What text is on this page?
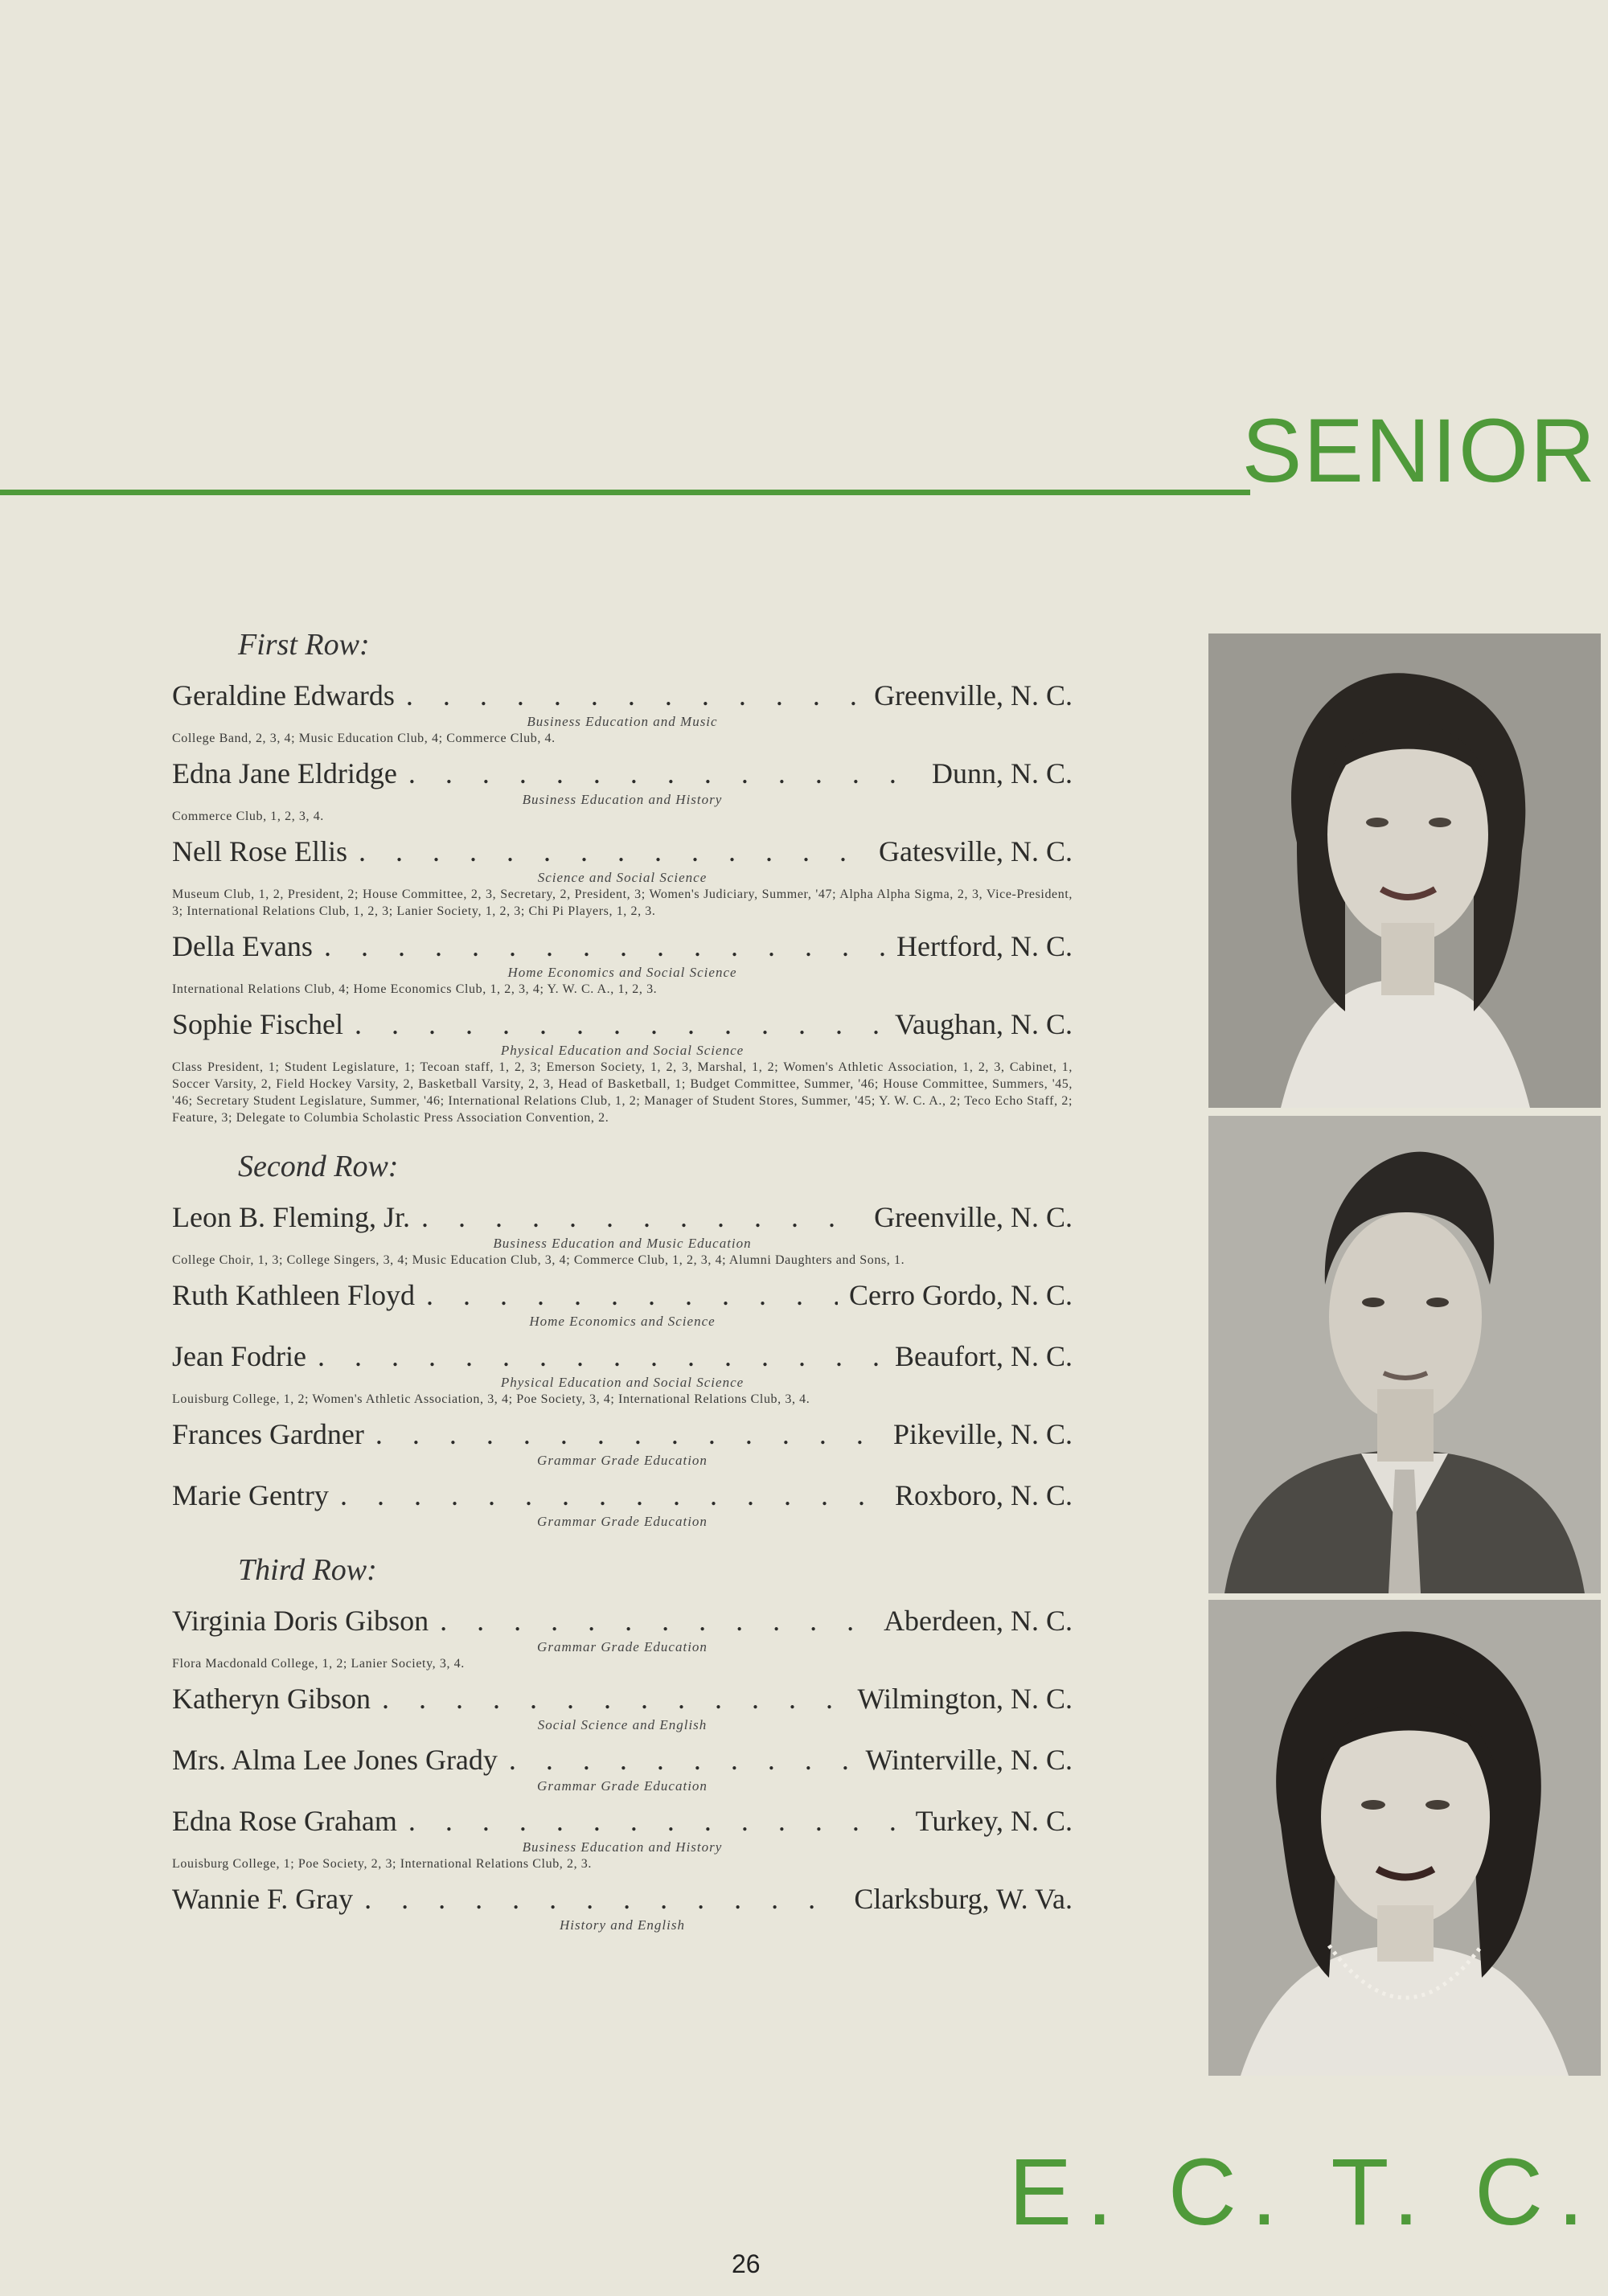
SENIOR
First Row:
Geraldine Edwards . . .	Greenville, N. C.
Business Education and Music
College Band, 2, 3, 4; Music Education Club, 4; Commerce Club, 4.
Edna Jane Eldridge . . .	Dunn, N. C.
Business Education and History
Commerce Club, 1, 2, 3, 4.
Nell Rose Ellis . . .	Gatesville, N. C.
Science and Social Science
Museum Club, 1, 2, President, 2; House Committee, 2, 3, Secretary, 2, President, 3; Women's Judiciary, Summer, '47; Alpha Alpha Sigma, 2, 3, Vice-President, 3; International Relations Club, 1, 2, 3; Lanier Society, 1, 2, 3; Chi Pi Players, 1, 2, 3.
Della Evans . . .	Hertford, N. C.
Home Economics and Social Science
International Relations Club, 4; Home Economics Club, 1, 2, 3, 4; Y. W. C. A., 1, 2, 3.
Sophie Fischel . . .	Vaughan, N. C.
Physical Education and Social Science
Class President, 1; Student Legislature, 1; Tecoan staff, 1, 2, 3; Emerson Society, 1, 2, 3, Marshal, 1, 2; Women's Athletic Association, 1, 2, 3, Cabinet, 1, Soccer Varsity, 2, Field Hockey Varsity, 2, Basketball Varsity, 2, 3, Head of Basketball, 1; Budget Committee, Summer, '46; House Committee, Summers, '45, '46; Secretary Student Legislature, Summer, '46; International Relations Club, 1, 2; Manager of Student Stores, Summer, '45; Y. W. C. A., 2; Teco Echo Staff, 2; Feature, 3; Delegate to Columbia Scholastic Press Association Convention, 2.
Second Row:
Leon B. Fleming, Jr. . . .	Greenville, N. C.
Business Education and Music Education
College Choir, 1, 3; College Singers, 3, 4; Music Education Club, 3, 4; Commerce Club, 1, 2, 3, 4; Alumni Daughters and Sons, 1.
Ruth Kathleen Floyd . . .	Cerro Gordo, N. C.
Home Economics and Science
Jean Fodrie . . .	Beaufort, N. C.
Physical Education and Social Science
Louisburg College, 1, 2; Women's Athletic Association, 3, 4; Poe Society, 3, 4; International Relations Club, 3, 4.
Frances Gardner . . .	Pikeville, N. C.
Grammar Grade Education
Marie Gentry . . .	Roxboro, N. C.
Grammar Grade Education
Third Row:
Virginia Doris Gibson . . .	Aberdeen, N. C.
Grammar Grade Education
Flora Macdonald College, 1, 2; Lanier Society, 3, 4.
Katheryn Gibson . . .	Wilmington, N. C.
Social Science and English
Mrs. Alma Lee Jones Grady . . .	Winterville, N. C.
Grammar Grade Education
Edna Rose Graham . . .	Turkey, N. C.
Business Education and History
Louisburg College, 1; Poe Society, 2, 3; International Relations Club, 2, 3.
Wannie F. Gray . . .	Clarksburg, W. Va.
History and English
E. C. T. C.
26
